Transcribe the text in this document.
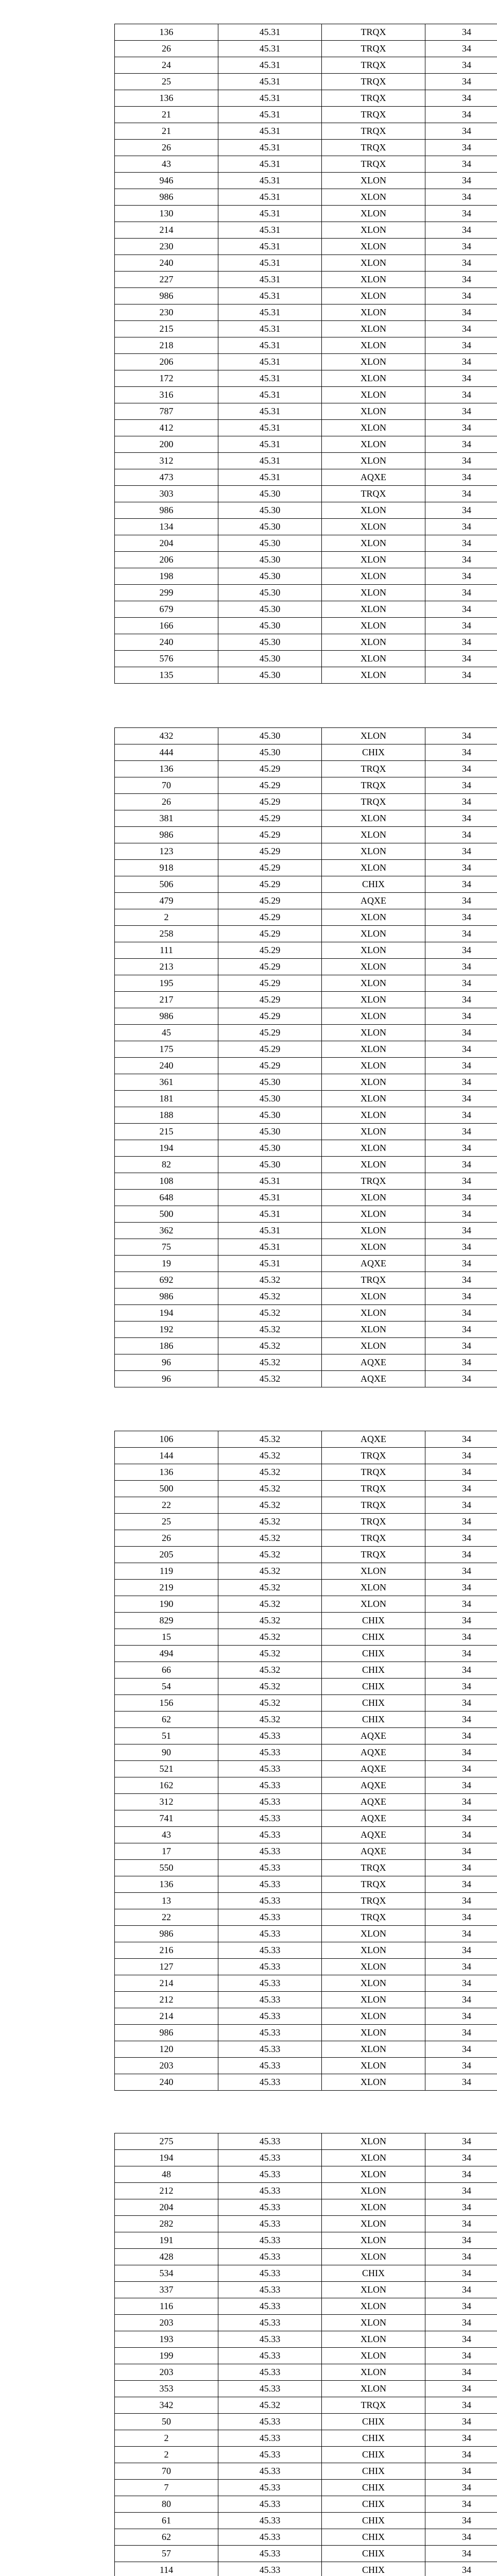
136	45.31	TRQX	34
26	45.31	TRQX	34
24	45.31	TRQX	34
25	45.31	TRQX	34
136	45.31	TRQX	34
21	45.31	TRQX	34
21	45.31	TRQX	34
26	45.31	TRQX	34
43	45.31	TRQX	34
946	45.31	XLON	34
986	45.31	XLON	34
130	45.31	XLON	34
214	45.31	XLON	34
230	45.31	XLON	34
240	45.31	XLON	34
227	45.31	XLON	34
986	45.31	XLON	34
230	45.31	XLON	34
215	45.31	XLON	34
218	45.31	XLON	34
206	45.31	XLON	34
172	45.31	XLON	34
316	45.31	XLON	34
787	45.31	XLON	34
412	45.31	XLON	34
200	45.31	XLON	34
312	45.31	XLON	34
473	45.31	AQXE	34
303	45.30	TRQX	34
986	45.30	XLON	34
134	45.30	XLON	34
204	45.30	XLON	34
206	45.30	XLON	34
198	45.30	XLON	34
299	45.30	XLON	34
679	45.30	XLON	34
166	45.30	XLON	34
240	45.30	XLON	34
576	45.30	XLON	34
135	45.30	XLON	34
432	45.30	XLON	34
444	45.30	CHIX	34
136	45.29	TRQX	34
70	45.29	TRQX	34
26	45.29	TRQX	34
381	45.29	XLON	34
986	45.29	XLON	34
123	45.29	XLON	34
918	45.29	XLON	34
506	45.29	CHIX	34
479	45.29	AQXE	34
2	45.29	XLON	34
258	45.29	XLON	34
111	45.29	XLON	34
213	45.29	XLON	34
195	45.29	XLON	34
217	45.29	XLON	34
986	45.29	XLON	34
45	45.29	XLON	34
175	45.29	XLON	34
240	45.29	XLON	34
361	45.30	XLON	34
181	45.30	XLON	34
188	45.30	XLON	34
215	45.30	XLON	34
194	45.30	XLON	34
82	45.30	XLON	34
108	45.31	TRQX	34
648	45.31	XLON	34
500	45.31	XLON	34
362	45.31	XLON	34
75	45.31	XLON	34
19	45.31	AQXE	34
692	45.32	TRQX	34
986	45.32	XLON	34
194	45.32	XLON	34
192	45.32	XLON	34
186	45.32	XLON	34
96	45.32	AQXE	34
96	45.32	AQXE	34
106	45.32	AQXE	34
144	45.32	TRQX	34
136	45.32	TRQX	34
500	45.32	TRQX	34
22	45.32	TRQX	34
25	45.32	TRQX	34
26	45.32	TRQX	34
205	45.32	TRQX	34
119	45.32	XLON	34
219	45.32	XLON	34
190	45.32	XLON	34
829	45.32	CHIX	34
15	45.32	CHIX	34
494	45.32	CHIX	34
66	45.32	CHIX	34
54	45.32	CHIX	34
156	45.32	CHIX	34
62	45.32	CHIX	34
51	45.33	AQXE	34
90	45.33	AQXE	34
521	45.33	AQXE	34
162	45.33	AQXE	34
312	45.33	AQXE	34
741	45.33	AQXE	34
43	45.33	AQXE	34
17	45.33	AQXE	34
550	45.33	TRQX	34
136	45.33	TRQX	34
13	45.33	TRQX	34
22	45.33	TRQX	34
986	45.33	XLON	34
216	45.33	XLON	34
127	45.33	XLON	34
214	45.33	XLON	34
212	45.33	XLON	34
214	45.33	XLON	34
986	45.33	XLON	34
120	45.33	XLON	34
203	45.33	XLON	34
240	45.33	XLON	34
275	45.33	XLON	34
194	45.33	XLON	34
48	45.33	XLON	34
212	45.33	XLON	34
204	45.33	XLON	34
282	45.33	XLON	34
191	45.33	XLON	34
428	45.33	XLON	34
534	45.33	CHIX	34
337	45.33	XLON	34
116	45.33	XLON	34
203	45.33	XLON	34
193	45.33	XLON	34
199	45.33	XLON	34
203	45.33	XLON	34
353	45.33	XLON	34
342	45.32	TRQX	34
50	45.33	CHIX	34
2	45.33	CHIX	34
2	45.33	CHIX	34
70	45.33	CHIX	34
7	45.33	CHIX	34
80	45.33	CHIX	34
61	45.33	CHIX	34
62	45.33	CHIX	34
57	45.33	CHIX	34
114	45.33	CHIX	34
